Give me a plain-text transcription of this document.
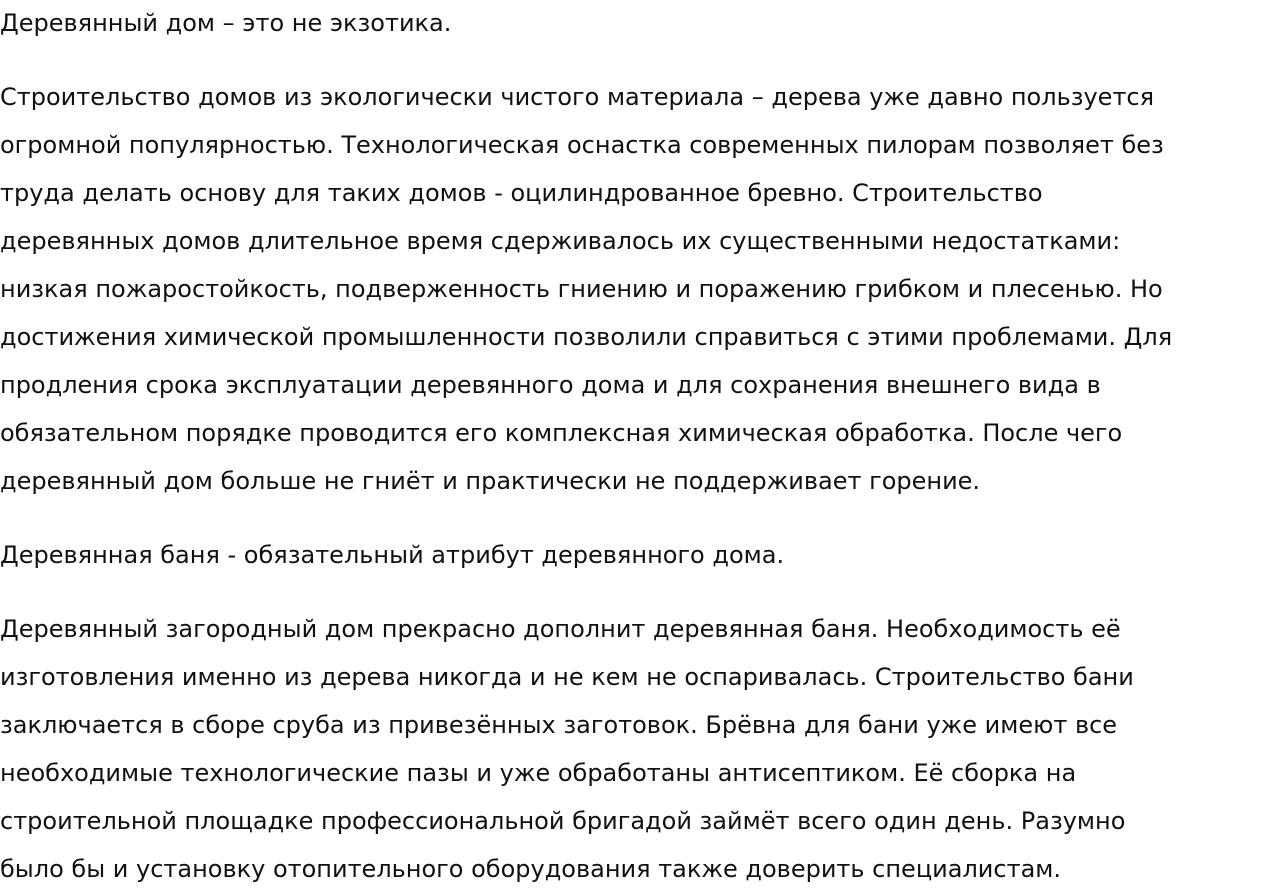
Деревянный дом – это не экзотика.
Строительство домов из экологически чистого материала – дерева уже давно пользуется
огромной популярностью. Технологическая оснастка современных пилорам позволяет без
труда делать основу для таких домов - оцилиндрованное бревно. Строительство
деревянных домов длительное время сдерживалось их существенными недостатками:
низкая пожаростойкость, подверженность гниению и поражению грибком и плесенью. Но
достижения химической промышленности позволили справиться с этими проблемами. Для
продления срока эксплуатации деревянного дома и для сохранения внешнего вида в
обязательном порядке проводится его комплексная химическая обработка. После чего
деревянный дом больше не гниёт и практически не поддерживает горение.
Деревянная баня - обязательный атрибут деревянного дома.
Деревянный загородный дом прекрасно дополнит деревянная баня. Необходимость её
изготовления именно из дерева никогда и не кем не оспаривалась. Строительство бани
заключается в сборе сруба из привезённых заготовок. Брёвна для бани уже имеют все
необходимые технологические пазы и уже обработаны антисептиком. Её сборка на
строительной площадке профессиональной бригадой займёт всего один день. Разумно
было бы и установку отопительного оборудования также доверить специалистам.
